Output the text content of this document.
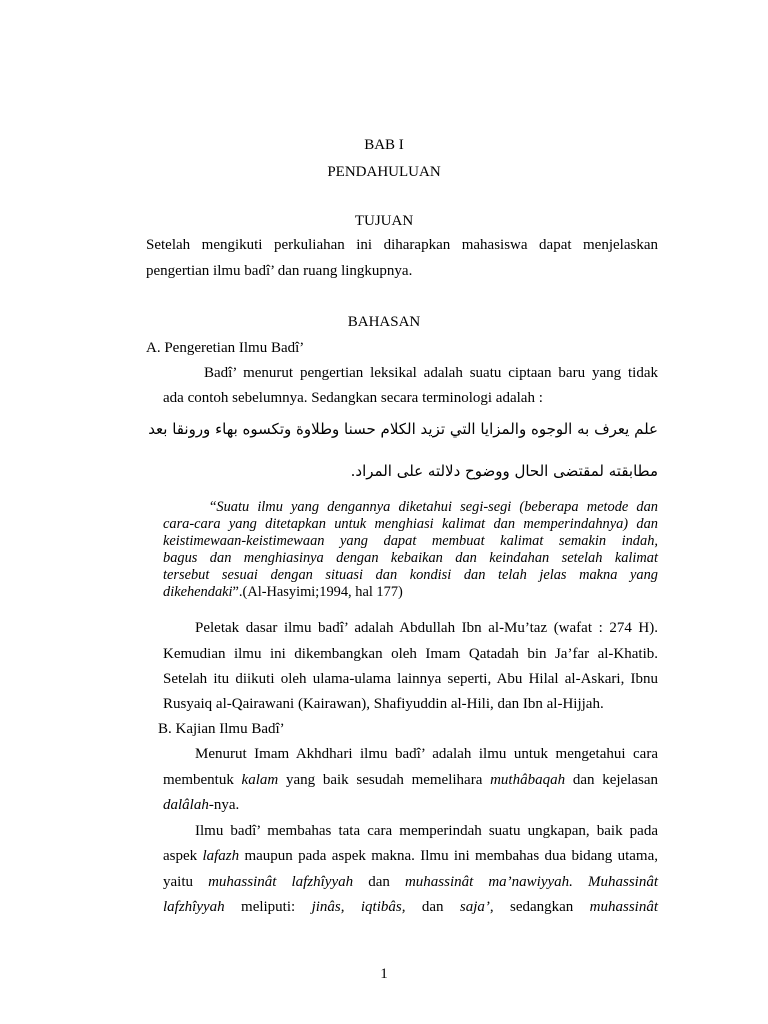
BAB I
PENDAHULUAN
TUJUAN
Setelah mengikuti perkuliahan ini diharapkan mahasiswa dapat menjelaskan
pengertian ilmu badî’ dan ruang lingkupnya.
BAHASAN
A. Pengeretian Ilmu Badî’
Badî’ menurut pengertian leksikal adalah suatu ciptaan baru yang tidak
ada contoh sebelumnya. Sedangkan secara terminologi adalah :
علم يعرف به الوجوه والمزايا التي تزيد الكلام حسنا وطلاوة وتكسوه بهاء ورونقا بعد
مطابقته لمقتضى الحال ووضوح دلالته على المراد.
“Suatu ilmu yang dengannya diketahui segi-segi (beberapa metode dan
cara-cara yang ditetapkan untuk menghiasi kalimat dan memperindahnya) dan
keistimewaan-keistimewaan yang dapat membuat kalimat semakin indah,
bagus dan menghiasinya dengan kebaikan dan keindahan setelah kalimat
tersebut sesuai dengan situasi dan kondisi dan telah jelas makna yang
dikehendaki”.(Al-Hasyimi;1994, hal 177)
Peletak dasar ilmu badî’ adalah Abdullah Ibn al-Mu’taz (wafat : 274 H).
Kemudian ilmu ini dikembangkan oleh Imam Qatadah bin Ja’far al-Khatib.
Setelah itu diikuti oleh ulama-ulama lainnya seperti, Abu Hilal al-Askari, Ibnu
Rusyaiq al-Qairawani (Kairawan), Shafiyuddin al-Hili, dan Ibn al-Hijjah.
B. Kajian Ilmu Badî’
Menurut Imam Akhdhari ilmu badî’ adalah ilmu untuk mengetahui cara
membentuk kalam yang baik sesudah memelihara muthâbaqah dan kejelasan
dalâlah-nya.
Ilmu badî’ membahas tata cara memperindah suatu ungkapan, baik pada
aspek lafazh maupun pada aspek makna. Ilmu ini membahas dua bidang utama,
yaitu muhassinât lafzhîyyah dan muhassinât ma’nawiyyah. Muhassinât
lafzhîyyah meliputi: jinâs, iqtibâs, dan saja’, sedangkan muhassinât
1
